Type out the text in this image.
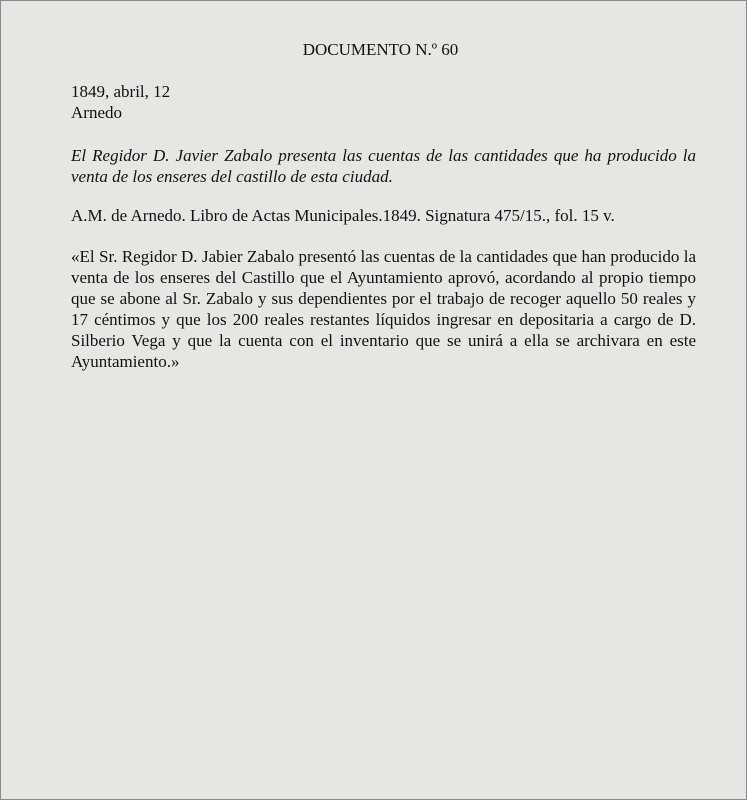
DOCUMENTO N.º 60

1849, abril, 12

Arnedo

El Regidor D. Javier Zabalo presenta las cuentas de las cantidades que ha producido la venta de los enseres del castillo de esta ciudad.

A.M. de Arnedo. Libro de Actas Municipales.1849. Signatura 475/15., fol. 15 v.

«El Sr. Regidor D. Jabier Zabalo presentó las cuentas de la cantidades que han producido la venta de los enseres del Castillo que el Ayuntamiento aprovó, acordando al propio tiempo que se abone al Sr. Zabalo y sus dependientes por el trabajo de recoger aquello 50 reales y 17 céntimos y que los 200 reales restantes líquidos ingresar en depositaria a cargo de D. Silberio Vega y que la cuenta con el inventario que se unirá a ella se archivara en este Ayuntamiento.»
